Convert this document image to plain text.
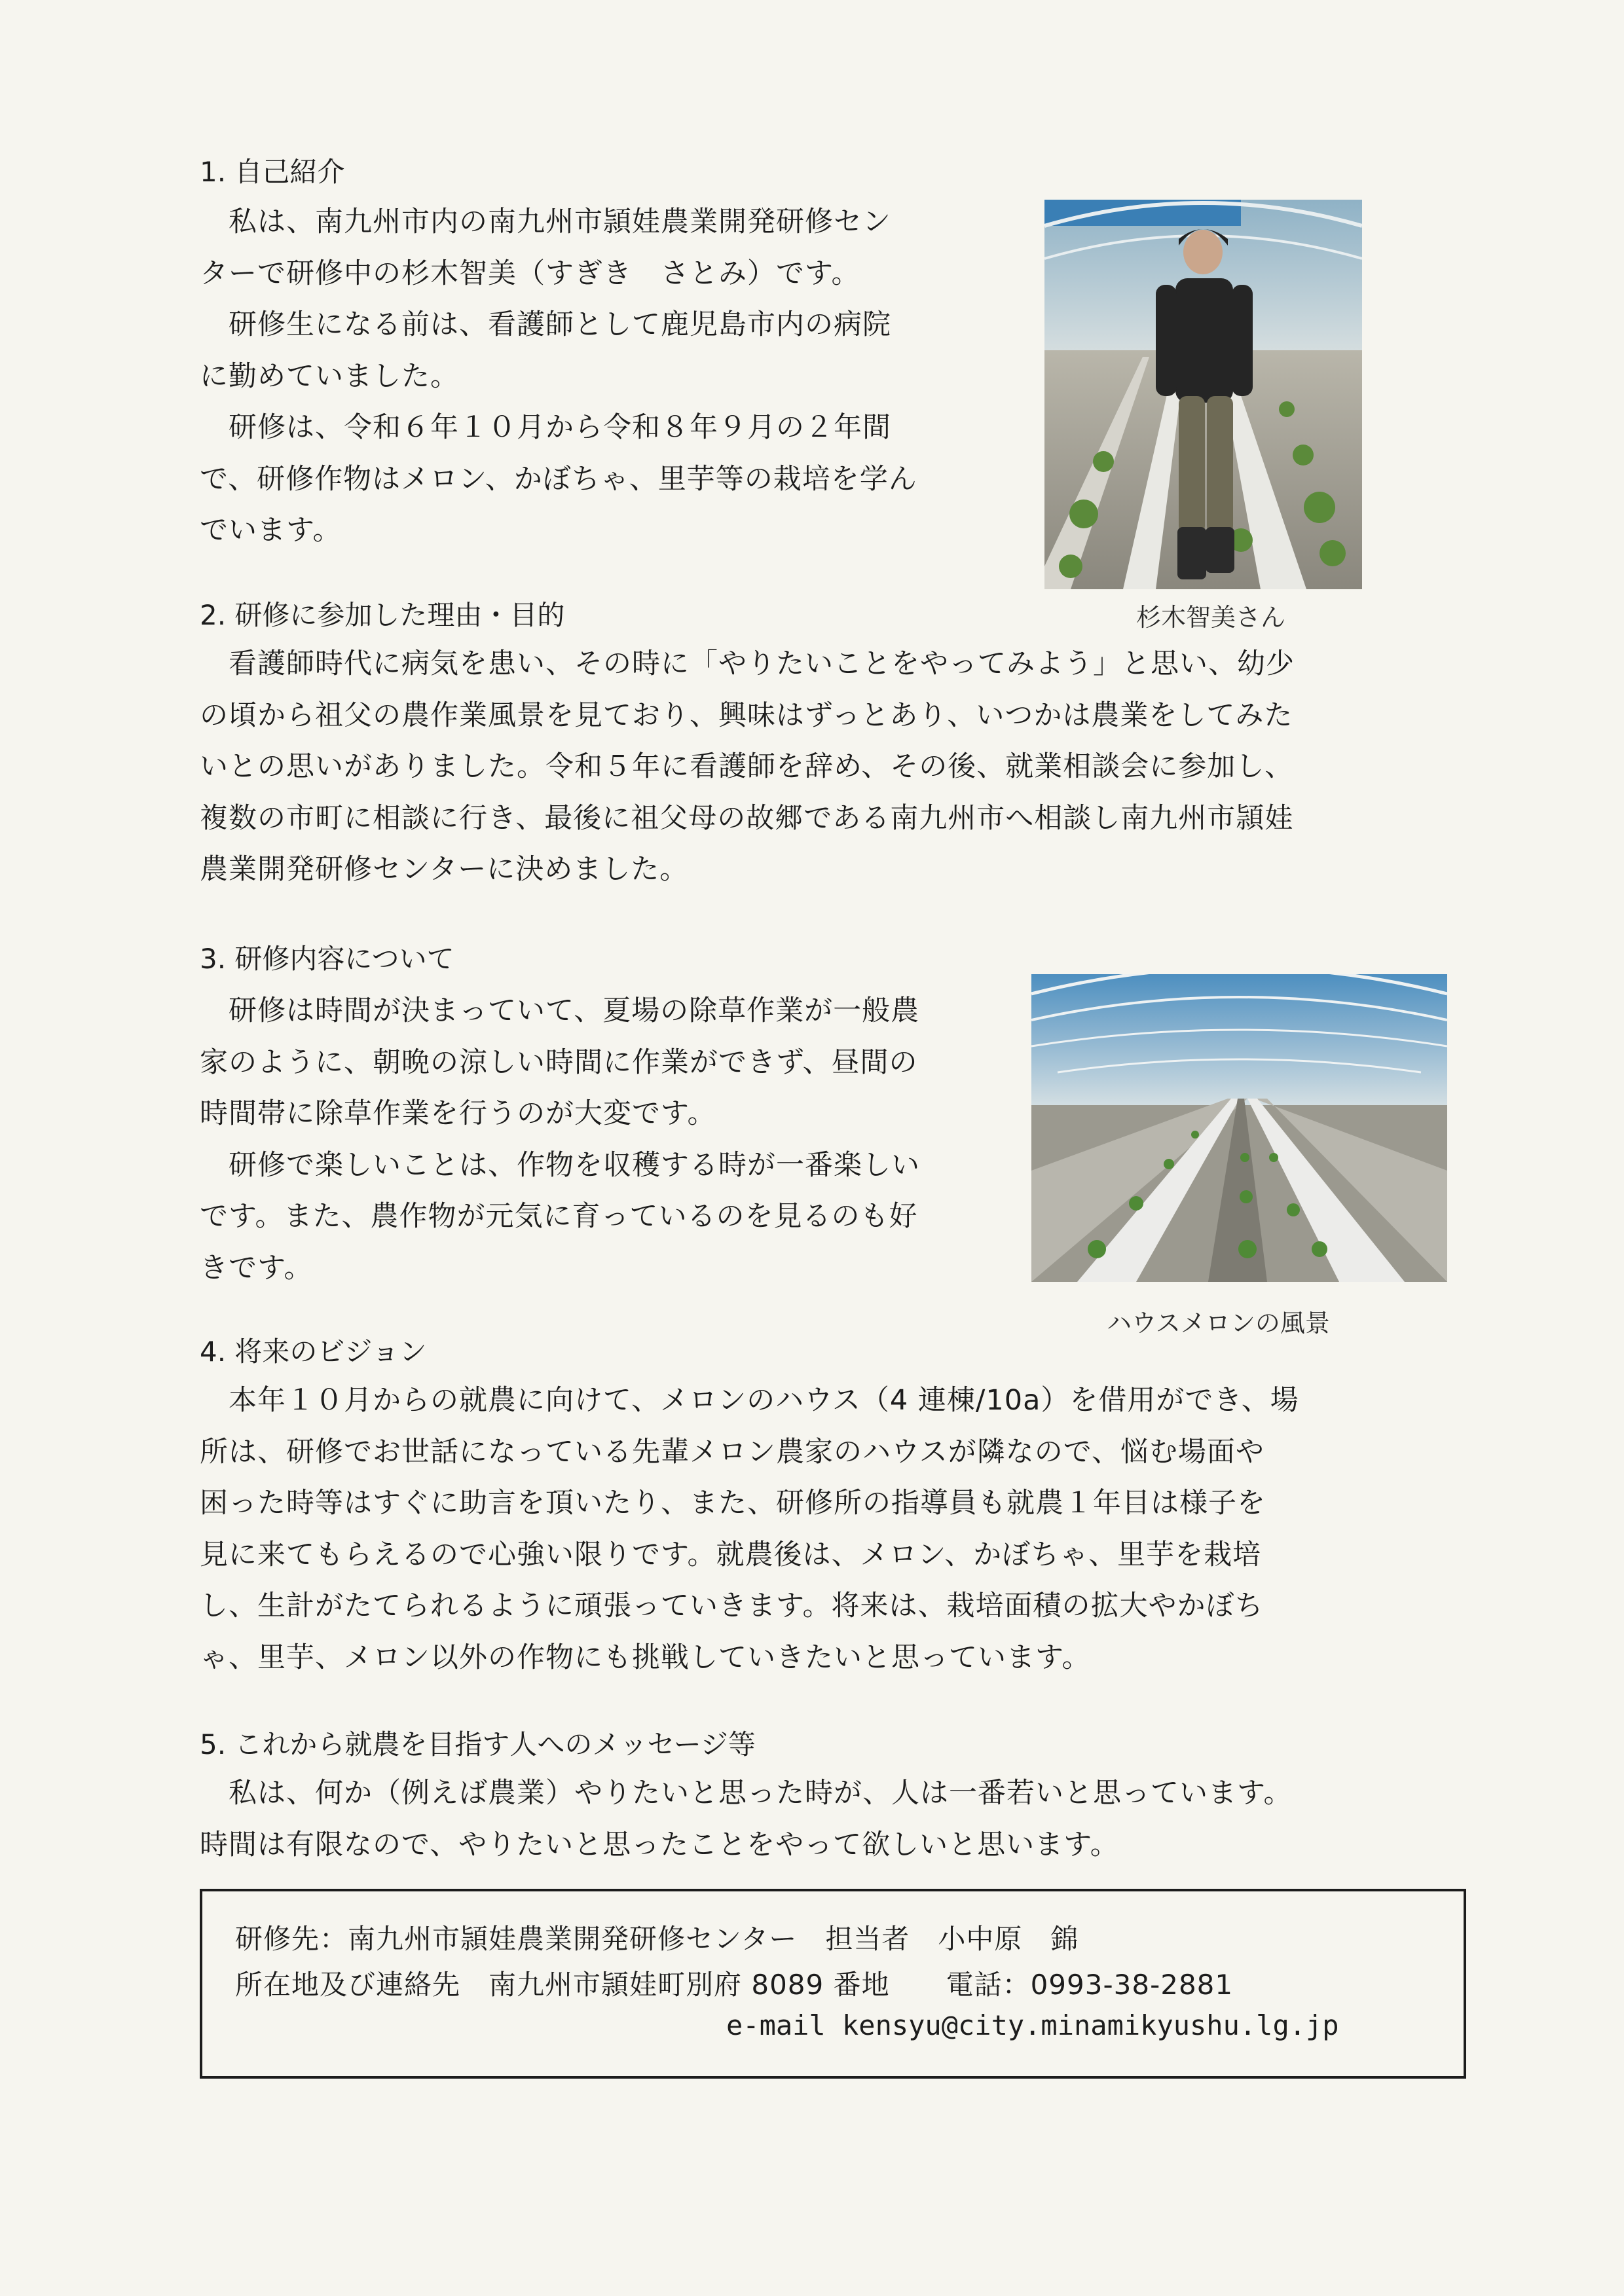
1. 自己紹介
　私は、南九州市内の南九州市頴娃農業開発研修セン
ターで研修中の杉木智美（すぎき　さとみ）です。
　研修生になる前は、看護師として鹿児島市内の病院
に勤めていました。
　研修は、令和６年１０月から令和８年９月の２年間
で、研修作物はメロン、かぼちゃ、里芋等の栽培を学ん
でいます。

杉木智美さん

2. 研修に参加した理由・目的
　看護師時代に病気を患い、その時に「やりたいことをやってみよう」と思い、幼少
の頃から祖父の農作業風景を見ており、興味はずっとあり、いつかは農業をしてみた
いとの思いがありました。令和５年に看護師を辞め、その後、就業相談会に参加し、
複数の市町に相談に行き、最後に祖父母の故郷である南九州市へ相談し南九州市頴娃
農業開発研修センターに決めました。
3. 研修内容について
　研修は時間が決まっていて、夏場の除草作業が一般農
家のように、朝晩の涼しい時間に作業ができず、昼間の
時間帯に除草作業を行うのが大変です。
　研修で楽しいことは、作物を収穫する時が一番楽しい
です。また、農作物が元気に育っているのを見るのも好
きです。

ハウスメロンの風景

4. 将来のビジョン
　本年１０月からの就農に向けて、メロンのハウス（4 連棟/10a）を借用ができ、場
所は、研修でお世話になっている先輩メロン農家のハウスが隣なので、悩む場面や
困った時等はすぐに助言を頂いたり、また、研修所の指導員も就農１年目は様子を
見に来てもらえるので心強い限りです。就農後は、メロン、かぼちゃ、里芋を栽培
し、生計がたてられるように頑張っていきます。将来は、栽培面積の拡大やかぼち
ゃ、里芋、メロン以外の作物にも挑戦していきたいと思っています。
5. これから就農を目指す人へのメッセージ等
　私は、何か（例えば農業）やりたいと思った時が、人は一番若いと思っています。
時間は有限なので、やりたいと思ったことをやって欲しいと思います。

研修先：南九州市頴娃農業開発研修センター　担当者　小中原　錦

所在地及び連絡先　南九州市頴娃町別府 8089 番地　　電話：0993-38-2881

e-mail kensyu@city.minamikyushu.lg.jp
